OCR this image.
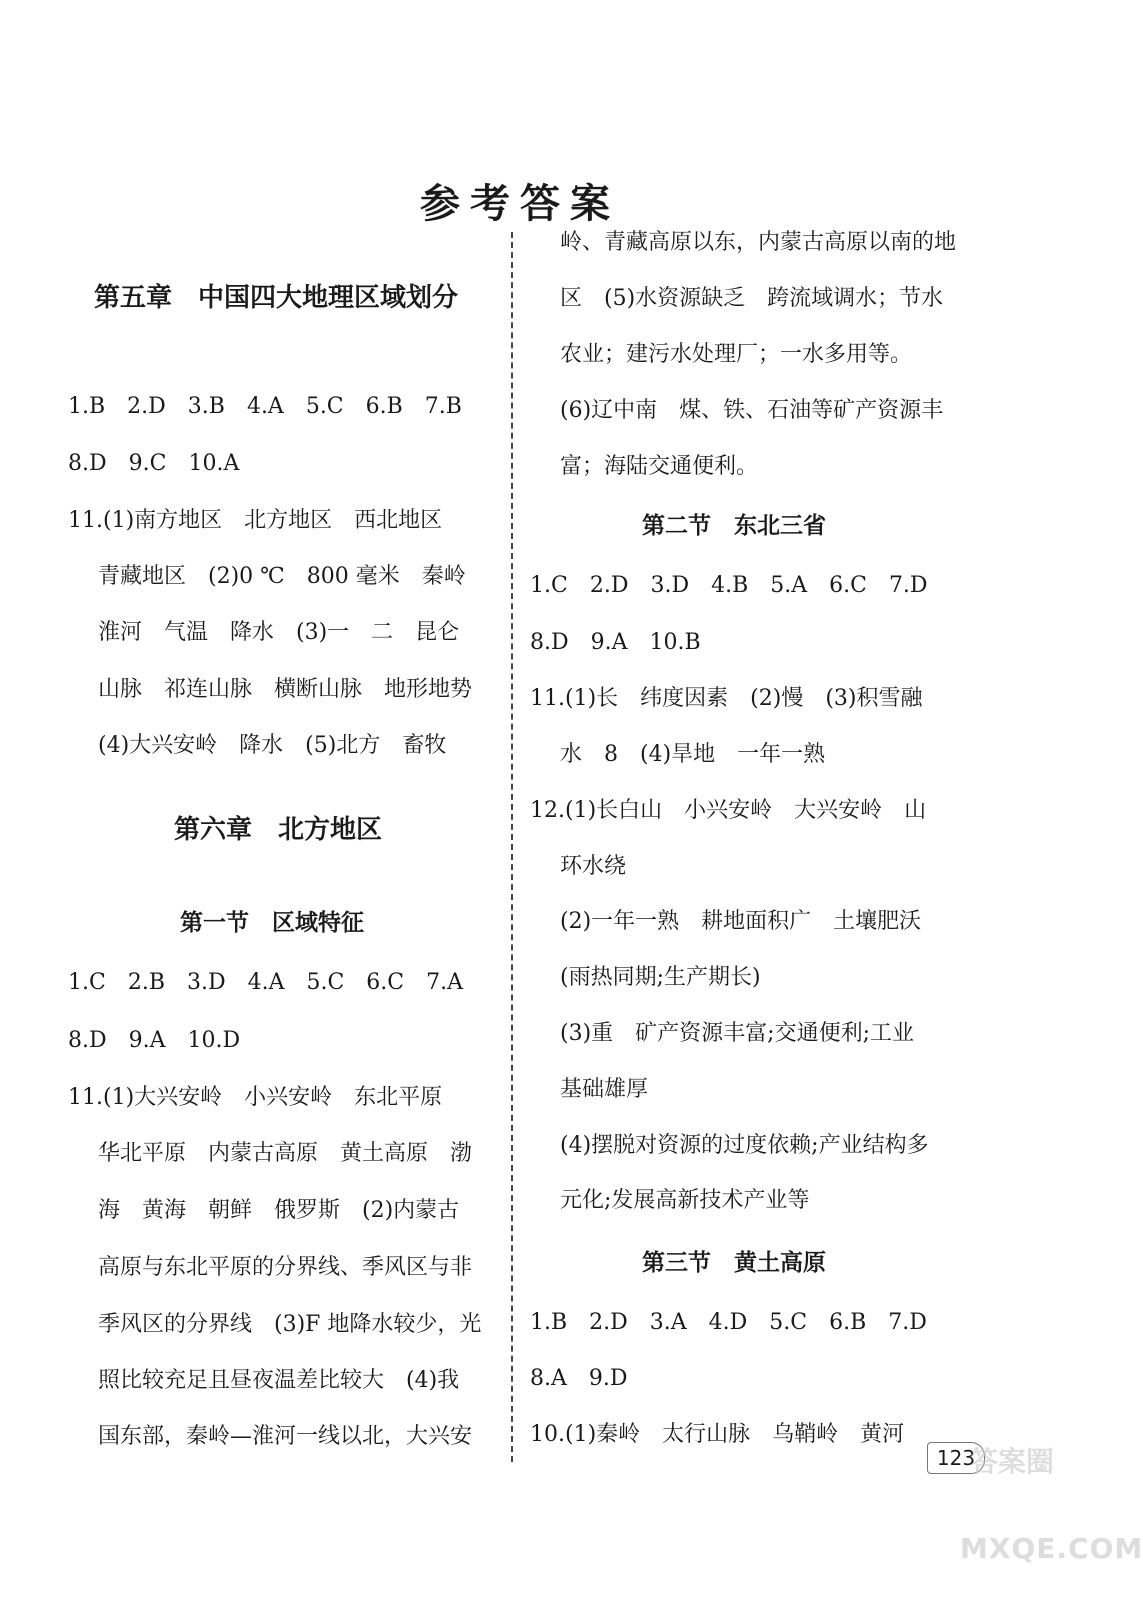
参考答案
第五章　中国四大地理区域划分
1.B　2.D　3.B　4.A　5.C　6.B　7.B
8.D　9.C　10.A
11.(1)南方地区　北方地区　西北地区
青藏地区　(2)0 ℃　800 毫米　秦岭
淮河　气温　降水　(3)一　二　昆仑
山脉　祁连山脉　横断山脉　地形地势
(4)大兴安岭　降水　(5)北方　畜牧
第六章　北方地区
第一节　区域特征
1.C　2.B　3.D　4.A　5.C　6.C　7.A
8.D　9.A　10.D
11.(1)大兴安岭　小兴安岭　东北平原
华北平原　内蒙古高原　黄土高原　渤
海　黄海　朝鲜　俄罗斯　(2)内蒙古
高原与东北平原的分界线、季风区与非
季风区的分界线　(3)F 地降水较少，光
照比较充足且昼夜温差比较大　(4)我
国东部，秦岭—淮河一线以北，大兴安
岭、青藏高原以东，内蒙古高原以南的地
区　(5)水资源缺乏　跨流域调水；节水
农业；建污水处理厂；一水多用等。
(6)辽中南　煤、铁、石油等矿产资源丰
富；海陆交通便利。
第二节　东北三省
1.C　2.D　3.D　4.B　5.A　6.C　7.D
8.D　9.A　10.B
11.(1)长　纬度因素　(2)慢　(3)积雪融
水　8　(4)旱地　一年一熟
12.(1)长白山　小兴安岭　大兴安岭　山
环水绕
(2)一年一熟　耕地面积广　土壤肥沃
(雨热同期;生产期长)
(3)重　矿产资源丰富;交通便利;工业
基础雄厚
(4)摆脱对资源的过度依赖;产业结构多
元化;发展高新技术产业等
第三节　黄土高原
1.B　2.D　3.A　4.D　5.C　6.B　7.D
8.A　9.D
10.(1)秦岭　太行山脉　乌鞘岭　黄河
123
答案圈
MXQE.COM
